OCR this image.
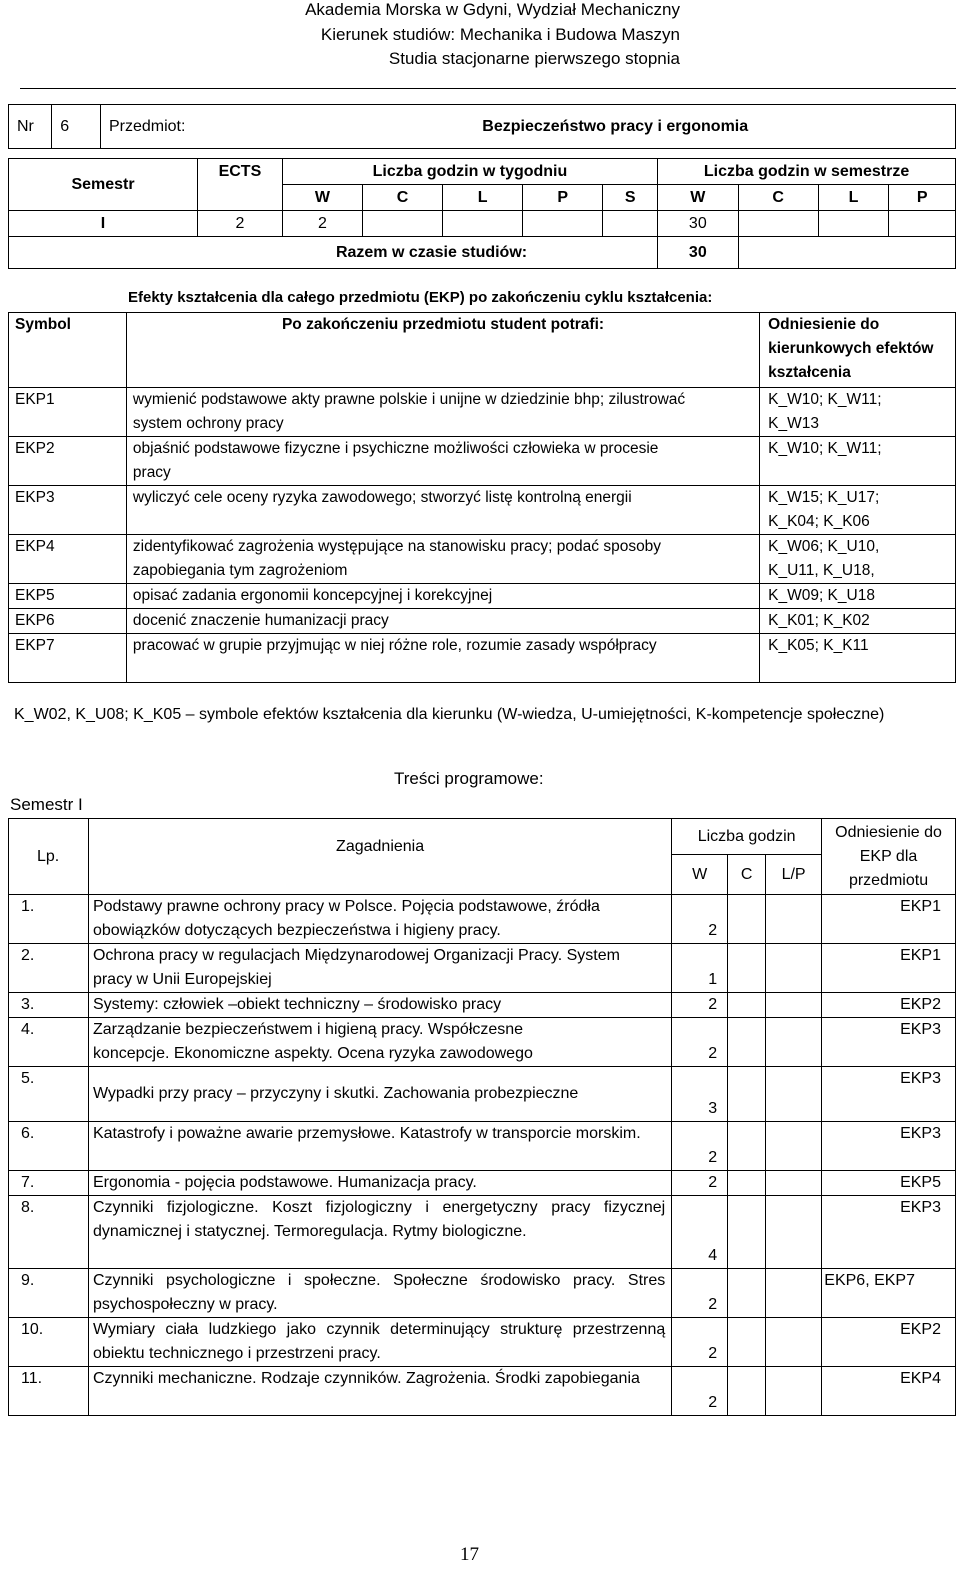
Akademia Morska w Gdyni, Wydział Mechaniczny
Kierunek studiów: Mechanika i Budowa Maszyn
Studia stacjonarne pierwszego stopnia
Nr	6	Przedmiot:		Bezpieczeństwo pracy i ergonomia								

Semestr			ECTS	Liczba godzin w tygodniu					Liczba godzin w semestrze			
				W	C	L	P	S	W	C	L	P
I			2	2					30			
Razem w czasie studiów:									30			
Efekty kształcenia dla całego przedmiotu (EKP) po zakończeniu cyklu kształcenia:
Symbol	Po zakończeniu przedmiotu student potrafi:	Odniesienie do kierunkowych efektów kształcenia
EKP1	wymienić podstawowe akty prawne polskie i unijne w dziedzinie bhp; zilustrować system ochrony pracy	K_W10; K_W11; K_W13
EKP2	objaśnić podstawowe fizyczne i psychiczne możliwości człowieka w procesie pracy	K_W10; K_W11;
EKP3	wyliczyć cele oceny ryzyka zawodowego; stworzyć listę kontrolną energii	K_W15; K_U17; K_K04; K_K06
EKP4	zidentyfikować zagrożenia występujące na stanowisku pracy; podać sposoby zapobiegania tym zagrożeniom	K_W06; K_U10, K_U11, K_U18,
EKP5	opisać zadania ergonomii koncepcyjnej i korekcyjnej	K_W09; K_U18
EKP6	docenić znaczenie humanizacji pracy	K_K01; K_K02
EKP7	pracować w grupie przyjmując w niej różne role, rozumie zasady współpracy	K_K05; K_K11
K_W02, K_U08; K_K05 – symbole efektów kształcenia dla kierunku (W-wiedza, U-umiejętności, K-kompetencje społeczne)
Treści programowe:
Semestr I
Lp.	Zagadnienia	Liczba godzin			Odniesienie do EKP dla przedmiotu
		W	C	L/P	
1.	Podstawy prawne ochrony pracy w Polsce. Pojęcia podstawowe, źródła obowiązków dotyczących bezpieczeństwa i higieny pracy.	2			EKP1
2.	Ochrona pracy w regulacjach Międzynarodowej Organizacji Pracy. System pracy w Unii Europejskiej	1			EKP1
3.	Systemy: człowiek –obiekt techniczny – środowisko pracy	2			EKP2
4.	Zarządzanie bezpieczeństwem i higieną pracy. Współczesne koncepcje. Ekonomiczne aspekty. Ocena ryzyka zawodowego	2			EKP3
5.	Wypadki przy pracy – przyczyny i skutki. Zachowania probezpieczne	3			EKP3
6.	Katastrofy i poważne awarie przemysłowe. Katastrofy w transporcie morskim.	2			EKP3
7.	Ergonomia - pojęcia podstawowe. Humanizacja pracy.	2			EKP5
8.	Czynniki fizjologiczne. Koszt fizjologiczny i energetyczny pracy fizycznej dynamicznej i statycznej. Termoregulacja. Rytmy biologiczne.	4			EKP3
9.	Czynniki psychologiczne i społeczne. Społeczne środowisko pracy. Stres psychospołeczny w pracy.	2			EKP6, EKP7
10.	Wymiary ciała ludzkiego jako czynnik determinujący strukturę przestrzenną obiektu technicznego i przestrzeni pracy.	2			EKP2
11.	Czynniki mechaniczne. Rodzaje czynników. Zagrożenia. Środki zapobiegania	2			EKP4
17
